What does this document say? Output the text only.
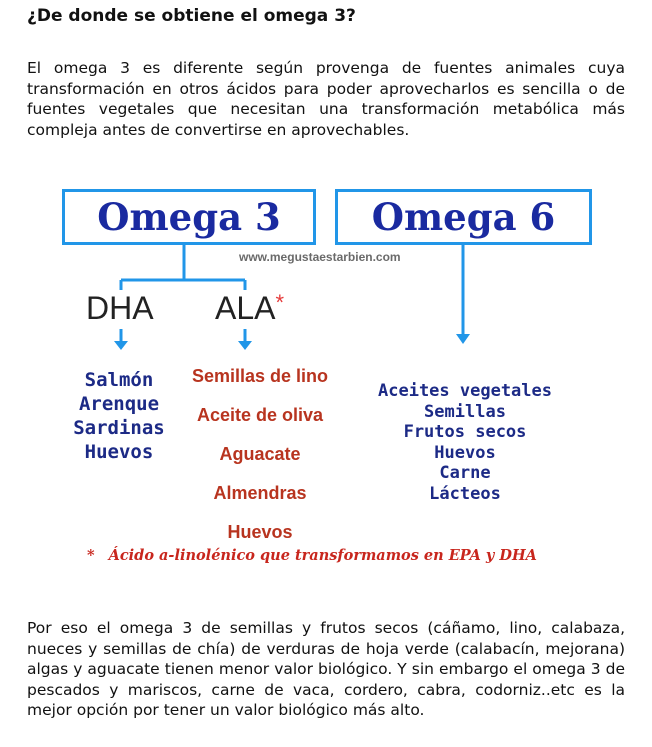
¿De donde se obtiene el omega 3?
El omega 3 es diferente según provenga de fuentes animales cuya transformación en otros ácidos para poder aprovecharlos es sencilla o de fuentes vegetales que necesitan una transformación metabólica más compleja antes de convertirse en aprovechables.
Omega 3	Omega 6
www.megustaestarbien.com
DHA ALA*
Salmón
Arenque
Sardinas
Huevos
Semillas de lino
Aceite de oliva
Aguacate
Almendras
Huevos
Aceites vegetales
Semillas
Frutos secos
Huevos
Carne
Lácteos
* Ácido a-linolénico que transformamos en EPA y DHA
Por eso el omega 3 de semillas y frutos secos (cáñamo, lino, calabaza, nueces y semillas de chía) de verduras de hoja verde (calabacín, mejorana) algas y aguacate tienen menor valor biológico. Y sin embargo el omega 3 de pescados y mariscos, carne de vaca, cordero, cabra, codorniz..etc es la mejor opción por tener un valor biológico más alto.
